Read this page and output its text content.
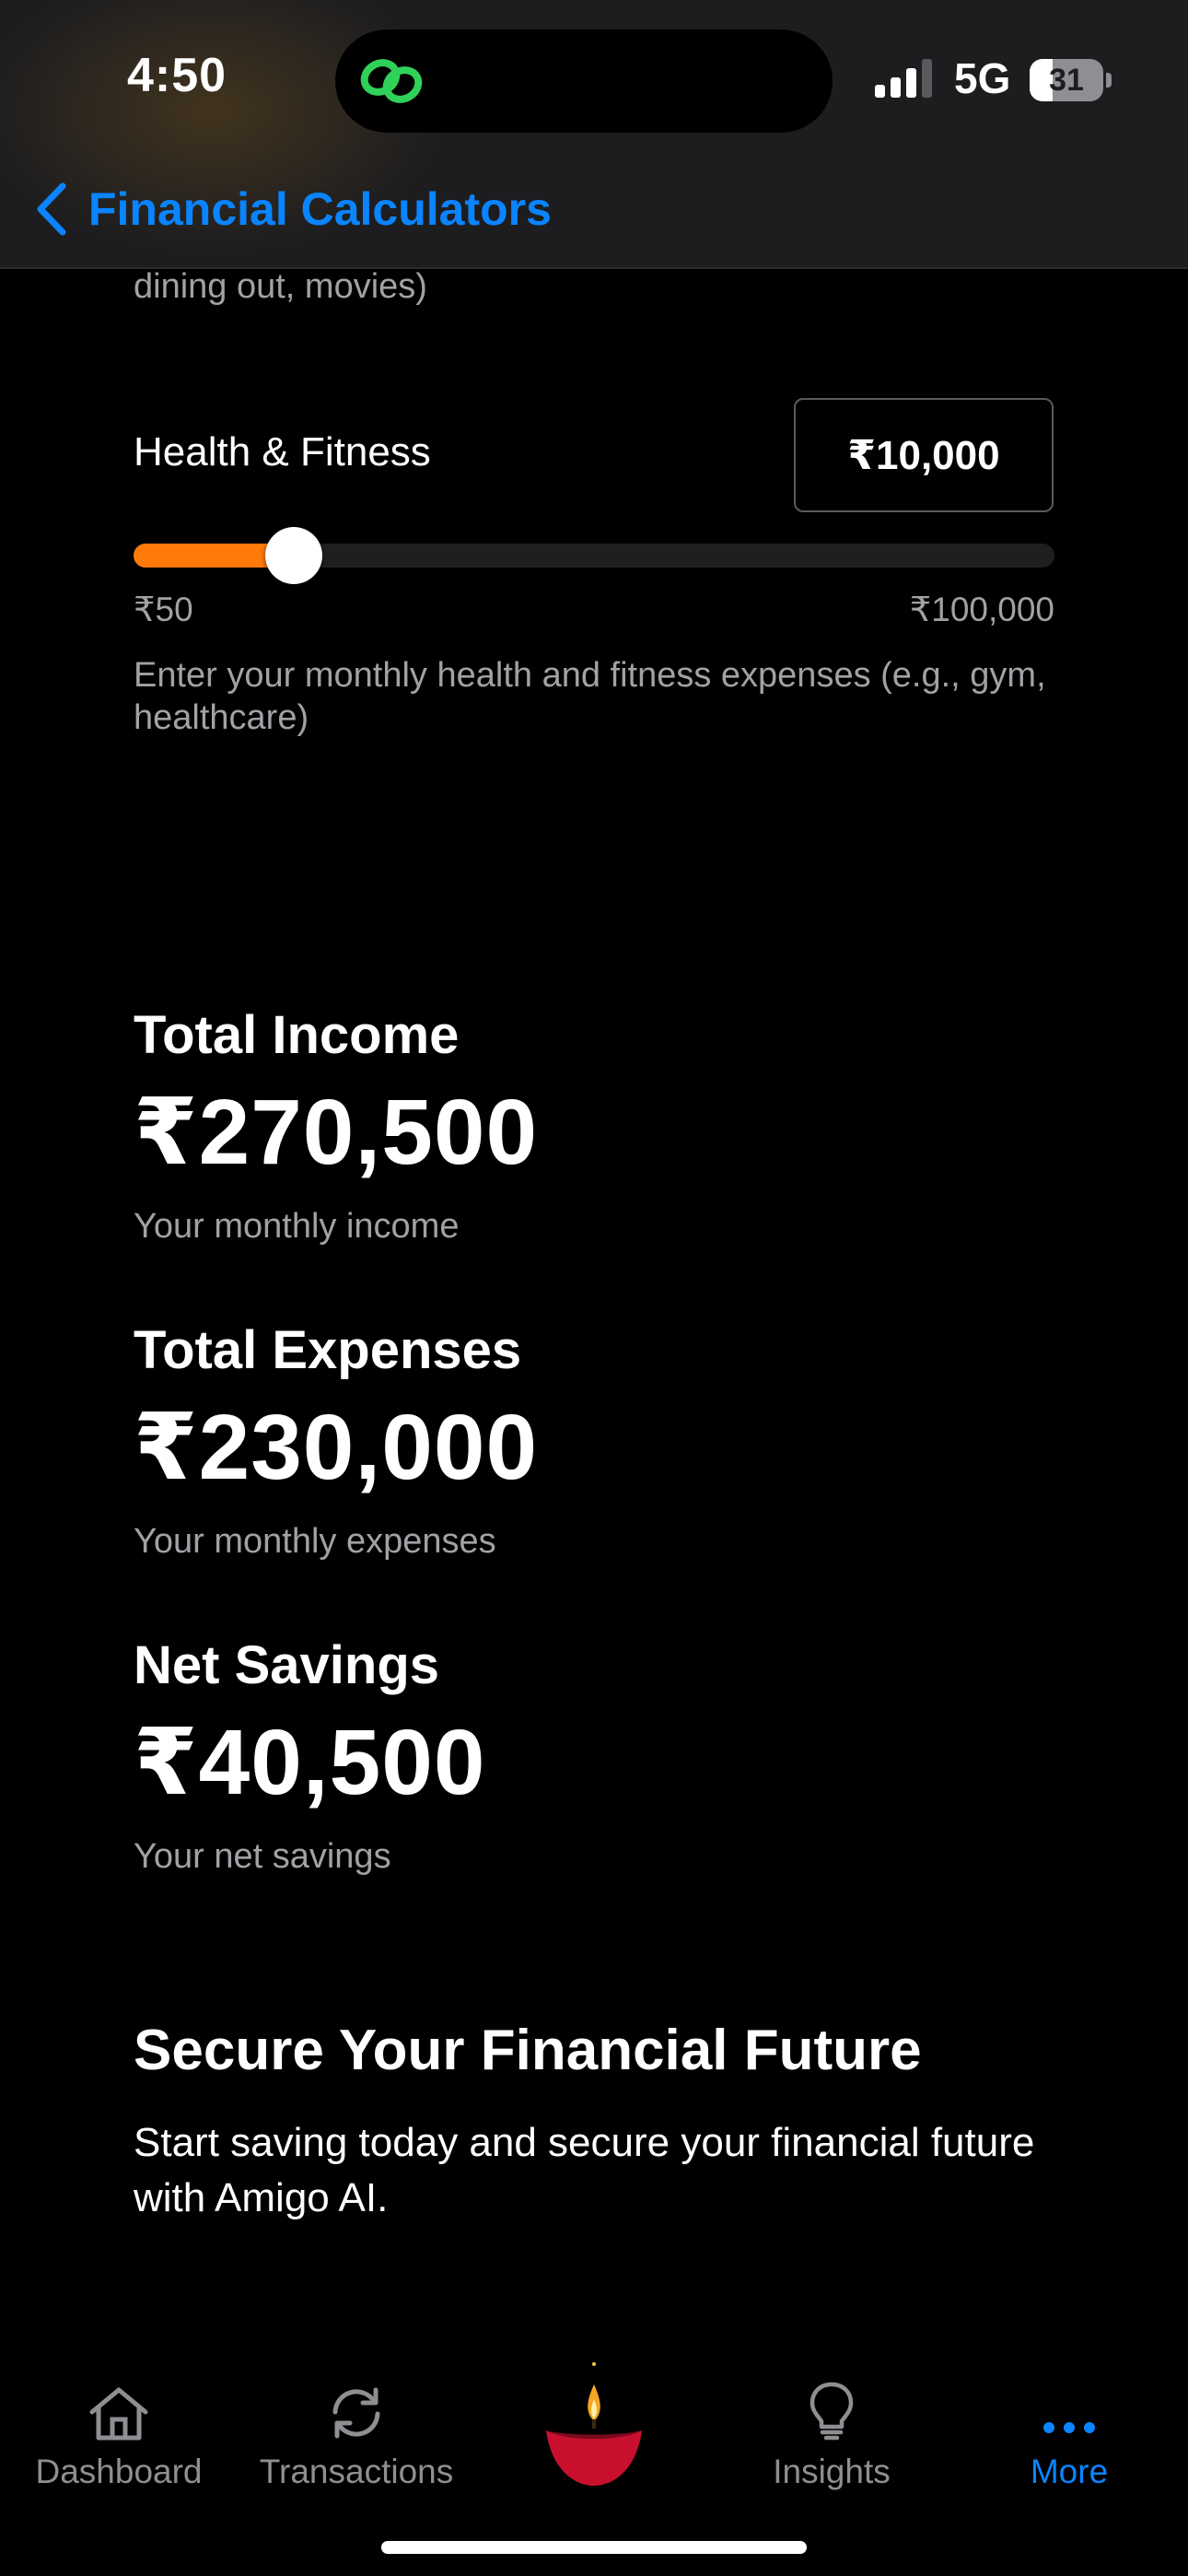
4:50	5G	31
Financial Calculators
dining out, movies)
Health & Fitness	₹10,000
₹50	₹100,000
Enter your monthly health and fitness expenses (e.g., gym, healthcare)
Total Income
₹270,500
Your monthly income
Total Expenses
₹230,000
Your monthly expenses
Net Savings
₹40,500
Your net savings
Secure Your Financial Future
Start saving today and secure your financial future with Amigo AI.
Dashboard	Transactions	Insights	More
